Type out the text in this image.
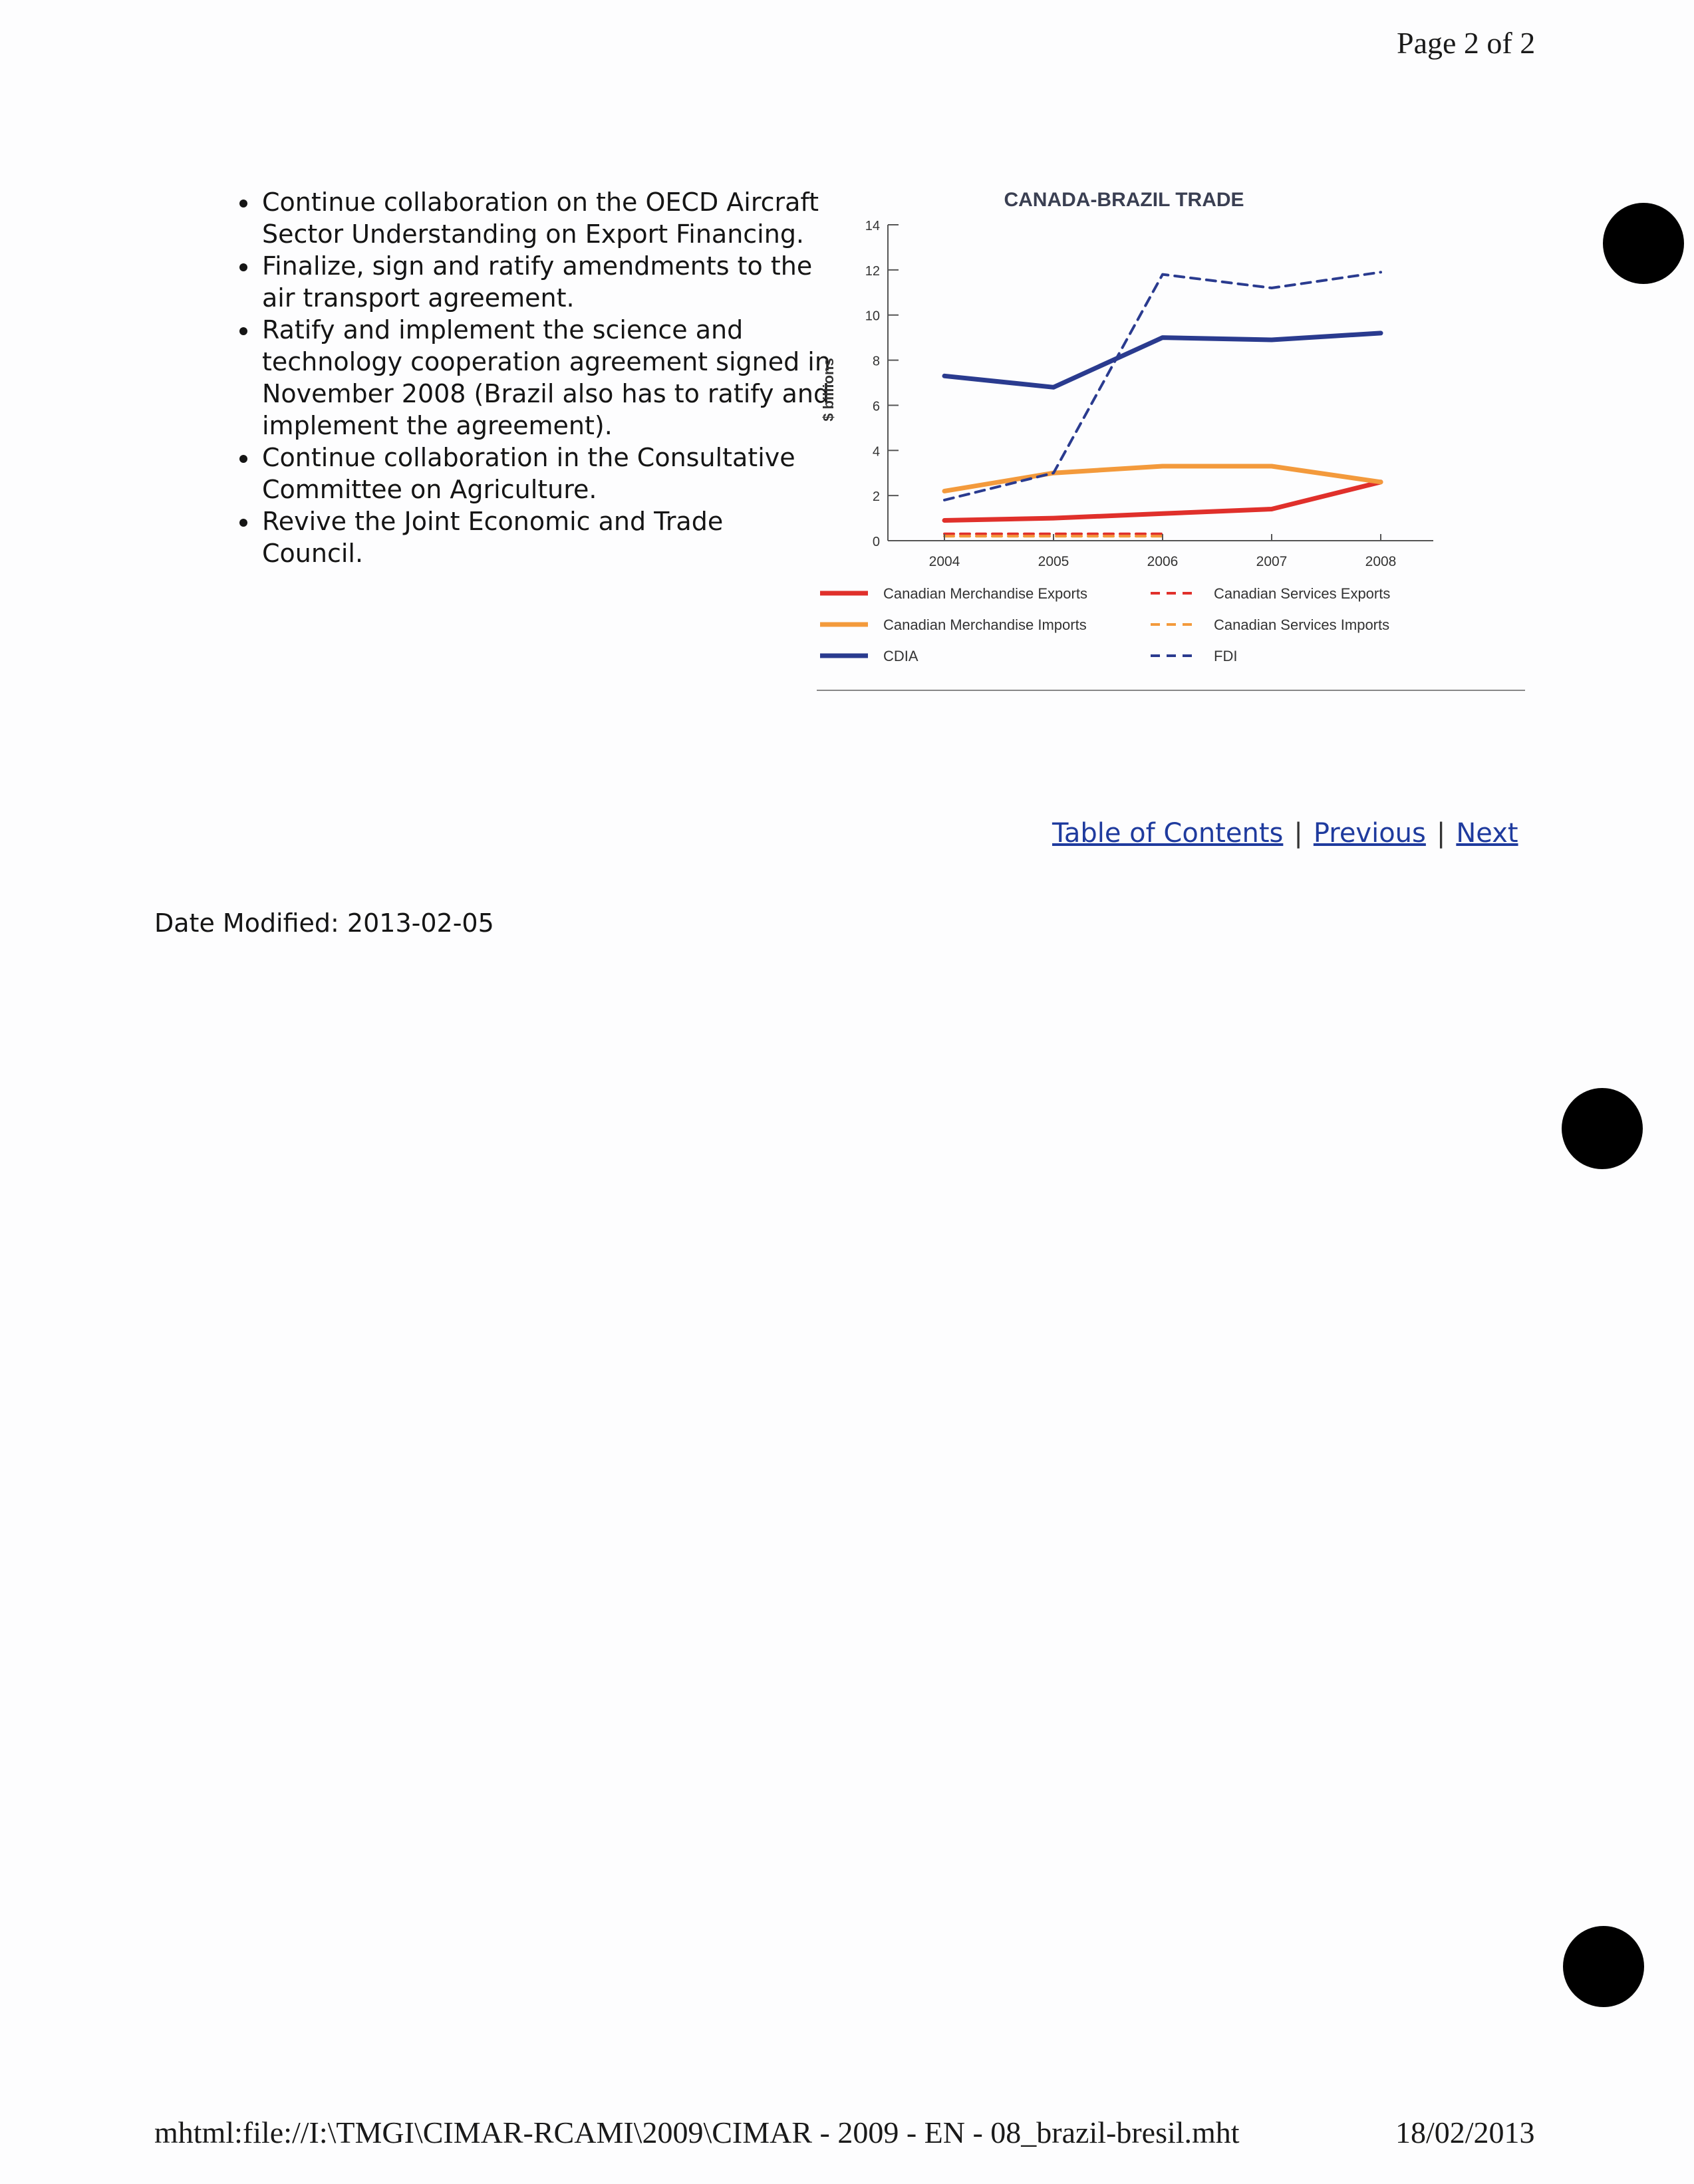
Page 2 of 2
• Continue collaboration on the OECD Aircraft Sector Understanding on Export Financing.
• Finalize, sign and ratify amendments to the air transport agreement.
• Ratify and implement the science and technology cooperation agreement signed in November 2008 (Brazil also has to ratify and implement the agreement).
• Continue collaboration in the Consultative Committee on Agriculture.
• Revive the Joint Economic and Trade Council.
CANADA-BRAZIL TRADE
$ billions
0
2
4
6
8
10
12
14
2004	2005	2006	2007	2008
Canadian Merchandise Exports
Canadian Merchandise Imports
CDIA
Canadian Services Exports
Canadian Services Imports
FDI
Table of Contents | Previous | Next
Date Modified: 2013-02-05
mhtml:file://I:\TMGI\CIMAR-RCAMI\2009\CIMAR - 2009 - EN - 08_brazil-bresil.mht	18/02/2013
